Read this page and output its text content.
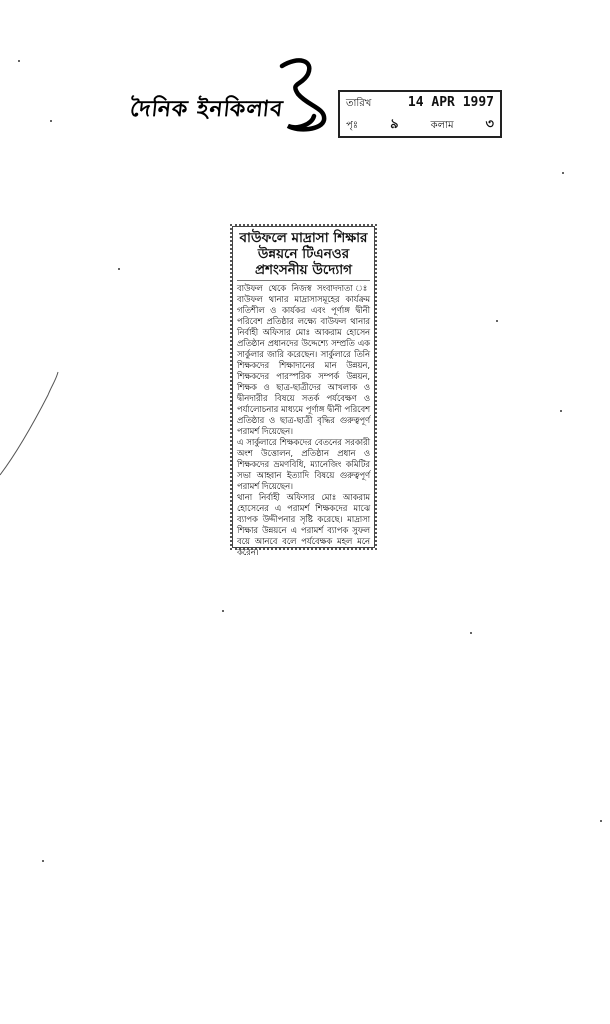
দৈনিক ইনকিলাব	তারিখ	14 APR 1997
পৃঃ ৯	কলাম ৩
বাউফলে মাদ্রাসা শিক্ষার উন্নয়নে টিএনওর প্রশংসনীয় উদ্যোগ

বাউফল থেকে নিজস্ব সংবাদদাতা ঃ বাউফল থানার মাদ্রাসাসমূহের কার্যক্রম গতিশীল ও কার্যকর এবং পূর্ণাঙ্গ দ্বীনী পরিবেশ প্রতিষ্ঠার লক্ষ্যে বাউফল থানার নির্বাহী অফিসার মোঃ আকরাম হোসেন প্রতিষ্ঠান প্রধানদের উদ্দেশ্যে সম্প্রতি এক সার্কুলার জারি করেছেন। সার্কুলারে তিনি শিক্ষকদের শিক্ষাদানের মান উন্নয়ন, শিক্ষকদের পারস্পরিক সম্পর্ক উন্নয়ন, শিক্ষক ও ছাত্র-ছাত্রীদের আখলাক ও দ্বীনদারীর বিষয়ে সতর্ক পর্যবেক্ষণ ও পর্যালোচনার মাধ্যমে পূর্ণাঙ্গ দ্বীনী পরিবেশ প্রতিষ্ঠার ও ছাত্র-ছাত্রী বৃদ্ধির গুরুত্বপূর্ণ পরামর্শ দিয়েছেন।

এ সার্কুলারে শিক্ষকদের বেতনের সরকারী অংশ উত্তোলন, প্রতিষ্ঠান প্রধান ও শিক্ষকদের ভ্রমণবিধি, ম্যানেজিং কমিটির সভা আহ্বান ইত্যাদি বিষয়ে গুরুত্বপূর্ণ পরামর্শ দিয়েছেন।

থানা নির্বাহী অফিসার মোঃ আকরাম হোসেনের এ পরামর্শ শিক্ষকদের মাঝে ব্যাপক উদ্দীপনার সৃষ্টি করেছে। মাদ্রাসা শিক্ষার উন্নয়নে এ পরামর্শ ব্যাপক সুফল বয়ে আনবে বলে পর্যবেক্ষক মহল মনে করেন।
